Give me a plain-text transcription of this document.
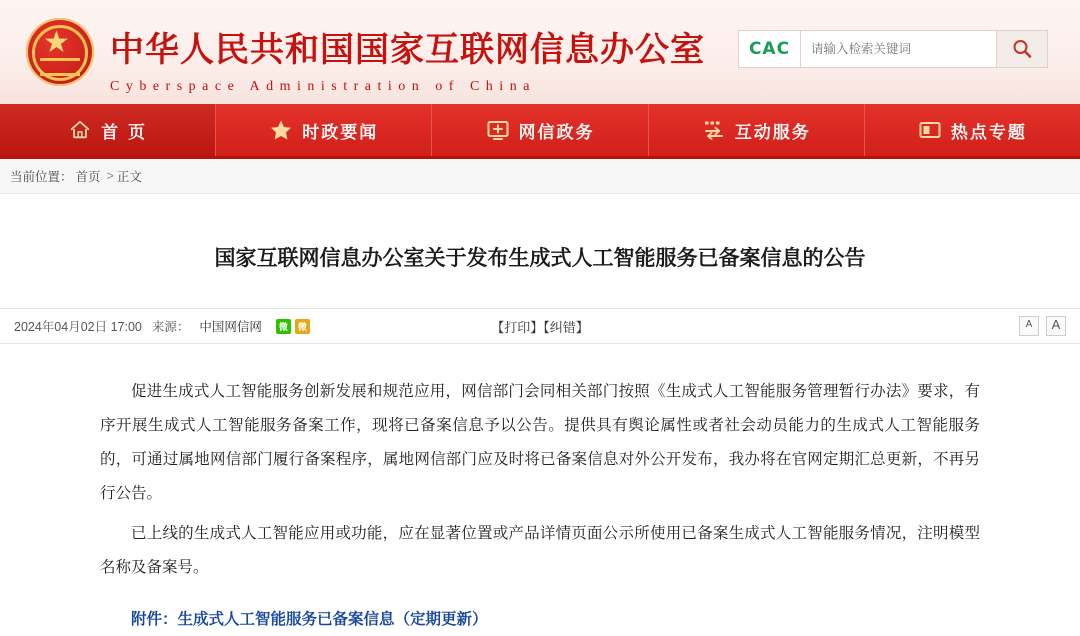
★ 中华人民共和国国家互联网信息办公室
Cyberspace Administration of China
CAC
请输入检索关键词
首 页	时政要闻	网信政务	互动服务	热点专题
当前位置： 首页 > 正文
国家互联网信息办公室关于发布生成式人工智能服务已备案信息的公告
2024年04月02日 17:00 来源： 中国网信网	微	微	【打印】【纠错】	A	A

促进生成式人工智能服务创新发展和规范应用，网信部门会同相关部门按照《生成式人工智能服务管理暂行办法》要求，有序开展生成式人工智能服务备案工作，现将已备案信息予以公告。提供具有舆论属性或者社会动员能力的生成式人工智能服务的，可通过属地网信部门履行备案程序，属地网信部门应及时将已备案信息对外公开发布，我办将在官网定期汇总更新，不再另行公告。

已上线的生成式人工智能应用或功能，应在显著位置或产品详情页面公示所使用已备案生成式人工智能服务情况，注明模型名称及备案号。

附件：生成式人工智能服务已备案信息（定期更新）
